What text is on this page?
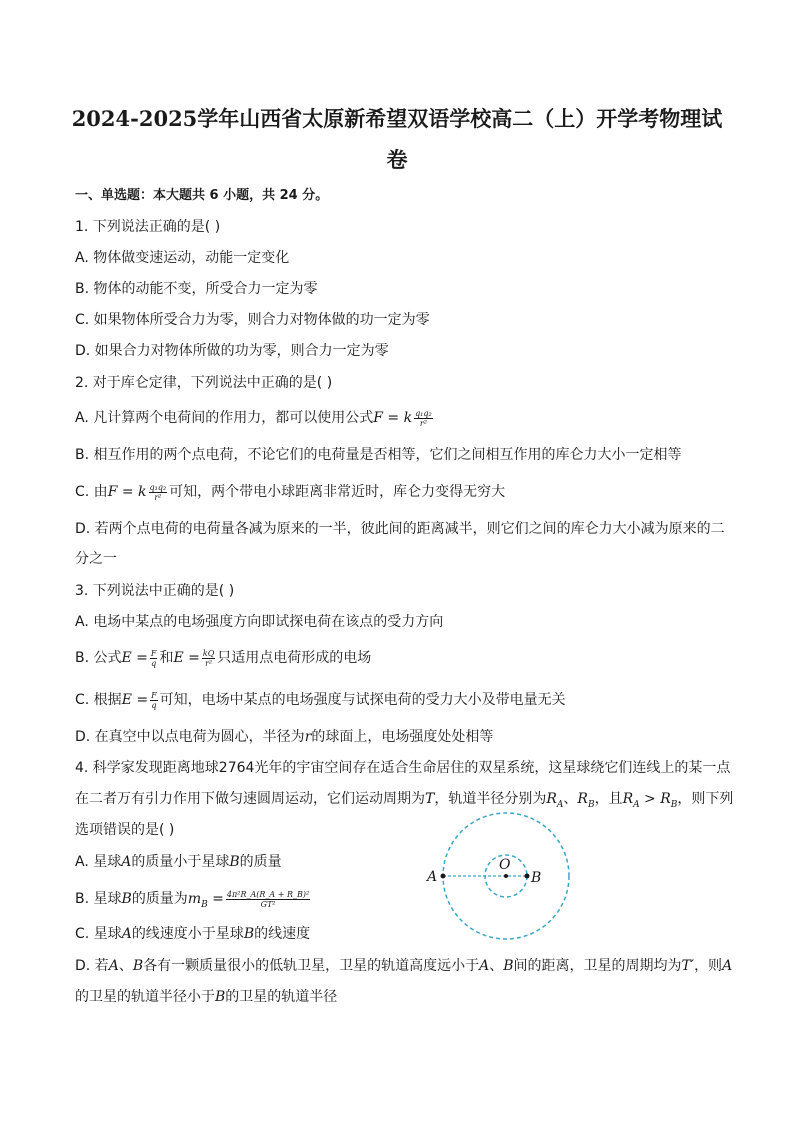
2024-2025学年山西省太原新希望双语学校高二（上）开学考物理试
卷
一、单选题：本大题共 6 小题，共 24 分。
1. 下列说法正确的是( )
A. 物体做变速运动，动能一定变化
B. 物体的动能不变，所受合力一定为零
C. 如果物体所受合力为零，则合力对物体做的功一定为零
D. 如果合力对物体所做的功为零，则合力一定为零
2. 对于库仑定律，下列说法中正确的是( )
A. 凡计算两个电荷间的作用力，都可以使用公式F = k $\frac{\text{q₁q₂}}{\text{r²}}$
B. 相互作用的两个点电荷，不论它们的电荷量是否相等，它们之间相互作用的库仑力大小一定相等
C. 由F = k $\frac{\text{q₁q₂}}{\text{r²}}$ 可知，两个带电小球距离非常近时，库仑力变得无穷大
D. 若两个点电荷的电荷量各减为原来的一半，彼此间的距离减半，则它们之间的库仑力大小减为原来的二
分之一
3. 下列说法中正确的是( )
A. 电场中某点的电场强度方向即试探电荷在该点的受力方向
B. 公式$E = \frac{F}{q}$ 和$E = \frac{kQ}{\text{r²}}$ 只适用点电荷形成的电场
C. 根据$E = \frac{F}{q}$ 可知，电场中某点的电场强度与试探电荷的受力大小及带电量无关
D. 在真空中以点电荷为圆心，半径为r的球面上，电场强度处处相等
4. 科学家发现距离地球2764光年的宇宙空间存在适合生命居住的双星系统，这星球绕它们连线上的某一点
在二者万有引力作用下做匀速圆周运动，它们运动周期为T，轨道半径分别为$R_A$、$R_B$，且$R_A > R_B$，则下列
选项错误的是( )
A. 星球A的质量小于星球B的质量
B. 星球B的质量为$m_B = \frac{\text{4π²R\_A(R\_A + R\_B)²}}{\text{GT²}}$
C. 星球A的线速度小于星球B的线速度
D. 若A、B各有一颗质量很小的低轨卫星，卫星的轨道高度远小于A、B间的距离，卫星的周期均为T′，则A
的卫星的轨道半径小于B的卫星的轨道半径
A
O
B
